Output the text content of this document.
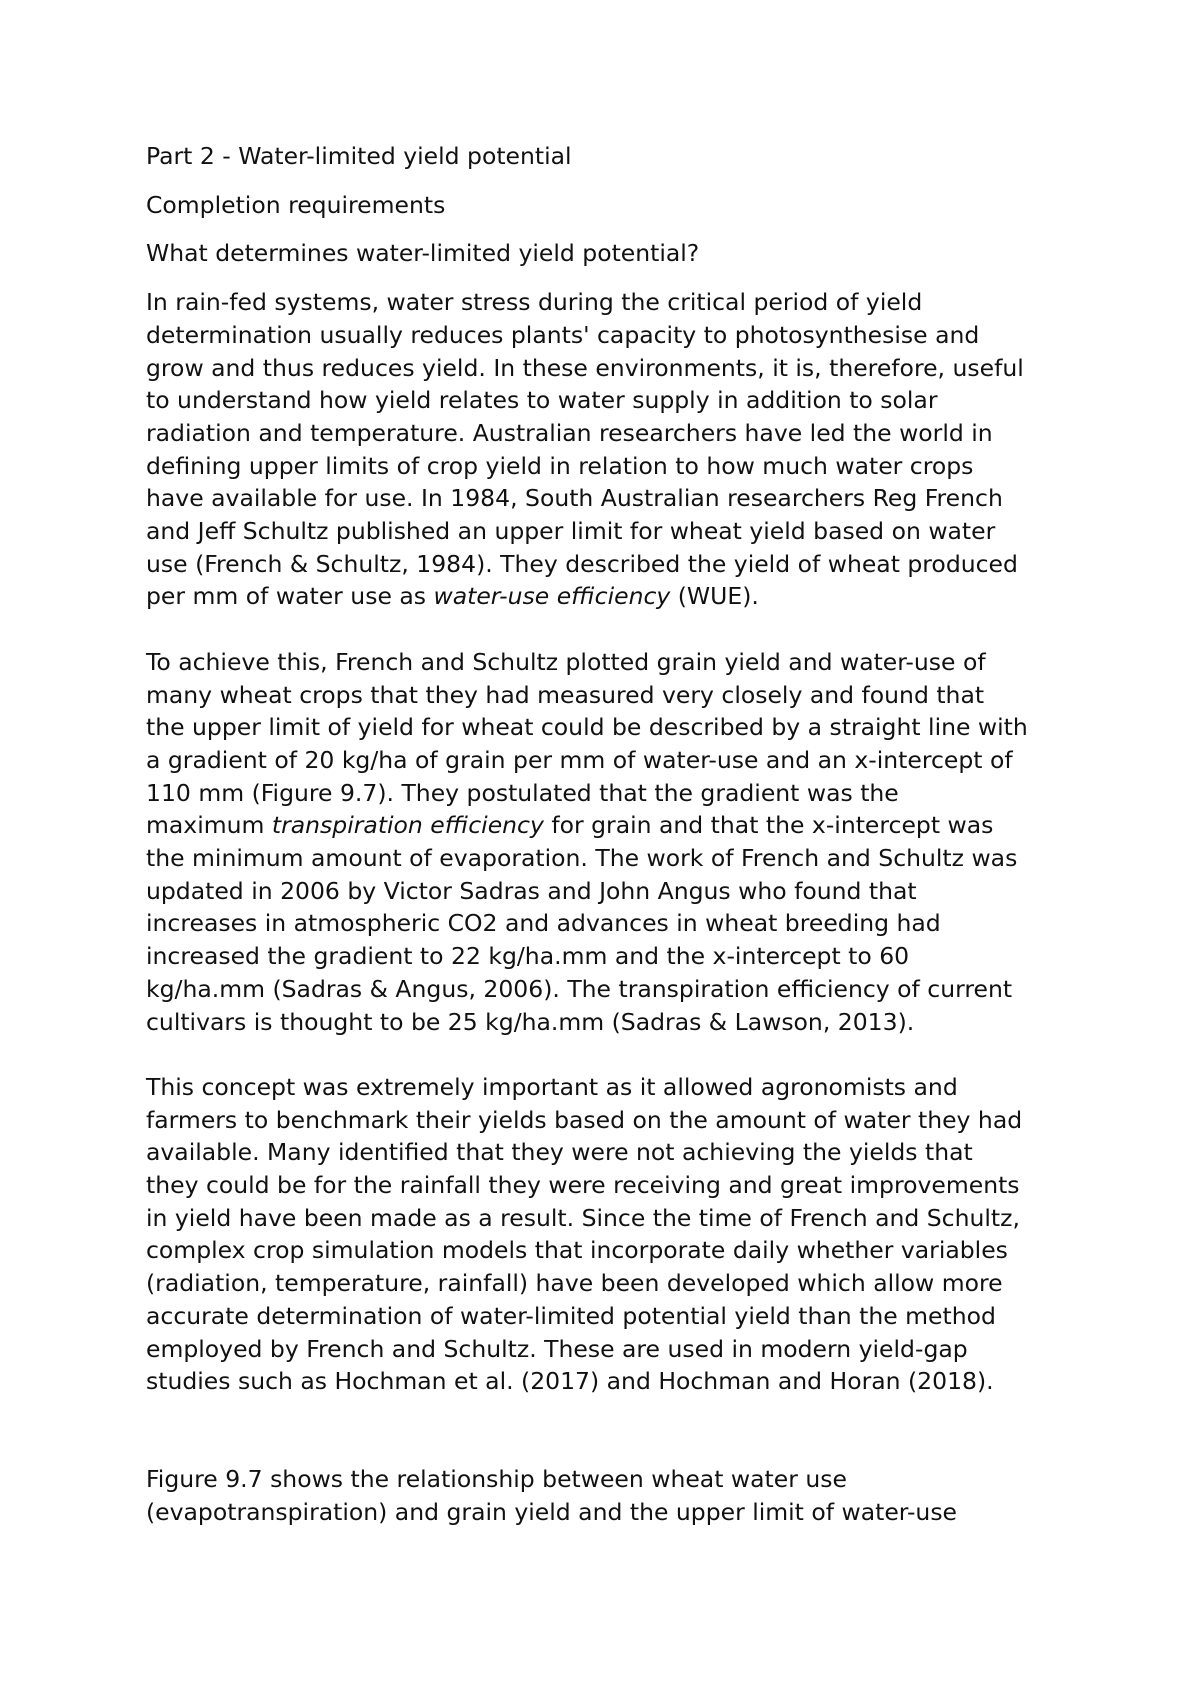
Part 2 - Water-limited yield potential

Completion requirements

What determines water-limited yield potential?

In rain-fed systems, water stress during the critical period of yield
determination usually reduces plants' capacity to photosynthesise and
grow and thus reduces yield. In these environments, it is, therefore, useful
to understand how yield relates to water supply in addition to solar
radiation and temperature. Australian researchers have led the world in
defining upper limits of crop yield in relation to how much water crops
have available for use. In 1984, South Australian researchers Reg French
and Jeff Schultz published an upper limit for wheat yield based on water
use (French & Schultz, 1984). They described the yield of wheat produced
per mm of water use as water-use efficiency (WUE).

To achieve this, French and Schultz plotted grain yield and water-use of
many wheat crops that they had measured very closely and found that
the upper limit of yield for wheat could be described by a straight line with
a gradient of 20 kg/ha of grain per mm of water-use and an x-intercept of
110 mm (Figure 9.7). They postulated that the gradient was the
maximum transpiration efficiency for grain and that the x-intercept was
the minimum amount of evaporation. The work of French and Schultz was
updated in 2006 by Victor Sadras and John Angus who found that
increases in atmospheric CO2 and advances in wheat breeding had
increased the gradient to 22 kg/ha.mm and the x-intercept to 60
kg/ha.mm (Sadras & Angus, 2006). The transpiration efficiency of current
cultivars is thought to be 25 kg/ha.mm (Sadras & Lawson, 2013).

This concept was extremely important as it allowed agronomists and
farmers to benchmark their yields based on the amount of water they had
available. Many identified that they were not achieving the yields that
they could be for the rainfall they were receiving and great improvements
in yield have been made as a result. Since the time of French and Schultz,
complex crop simulation models that incorporate daily whether variables
(radiation, temperature, rainfall) have been developed which allow more
accurate determination of water-limited potential yield than the method
employed by French and Schultz. These are used in modern yield-gap
studies such as Hochman et al. (2017) and Hochman and Horan (2018).

Figure 9.7 shows the relationship between wheat water use
(evapotranspiration) and grain yield and the upper limit of water-use
